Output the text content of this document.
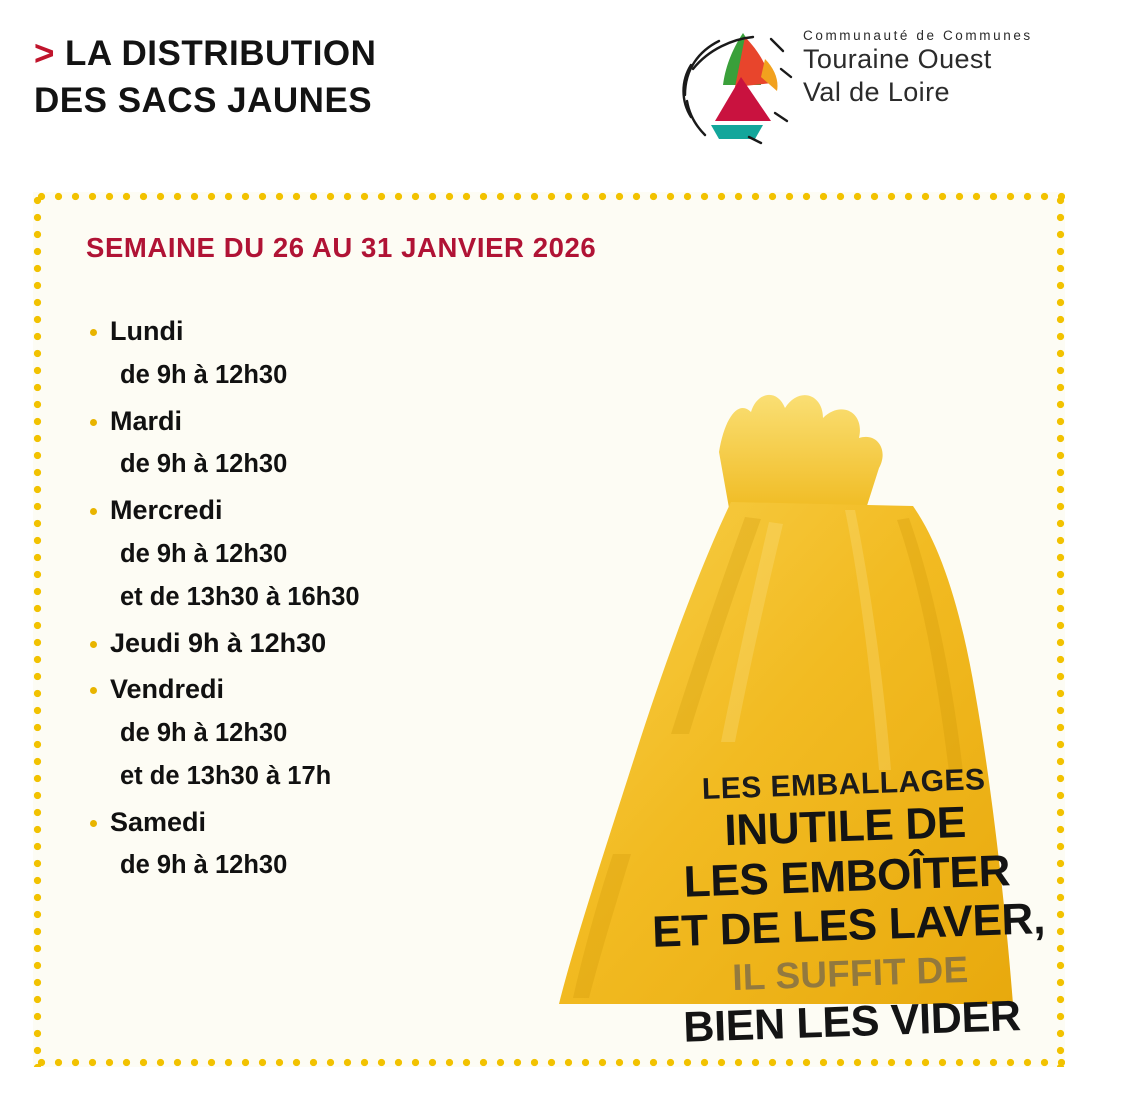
> LA DISTRIBUTION
DES SACS JAUNES
Communauté de Communes
Touraine Ouest
Val de Loire
SEMAINE DU 26 AU 31 JANVIER 2026
Lundi
de 9h à 12h30
Mardi
de 9h à 12h30
Mercredi
de 9h à 12h30
et de 13h30 à 16h30
Jeudi 9h à 12h30
Vendredi
de 9h à 12h30
et de 13h30 à 17h
Samedi
de 9h à 12h30
LES EMBALLAGES
INUTILE DE
LES EMBOÎTER
ET DE LES LAVER,
IL SUFFIT DE
BIEN LES VIDER
